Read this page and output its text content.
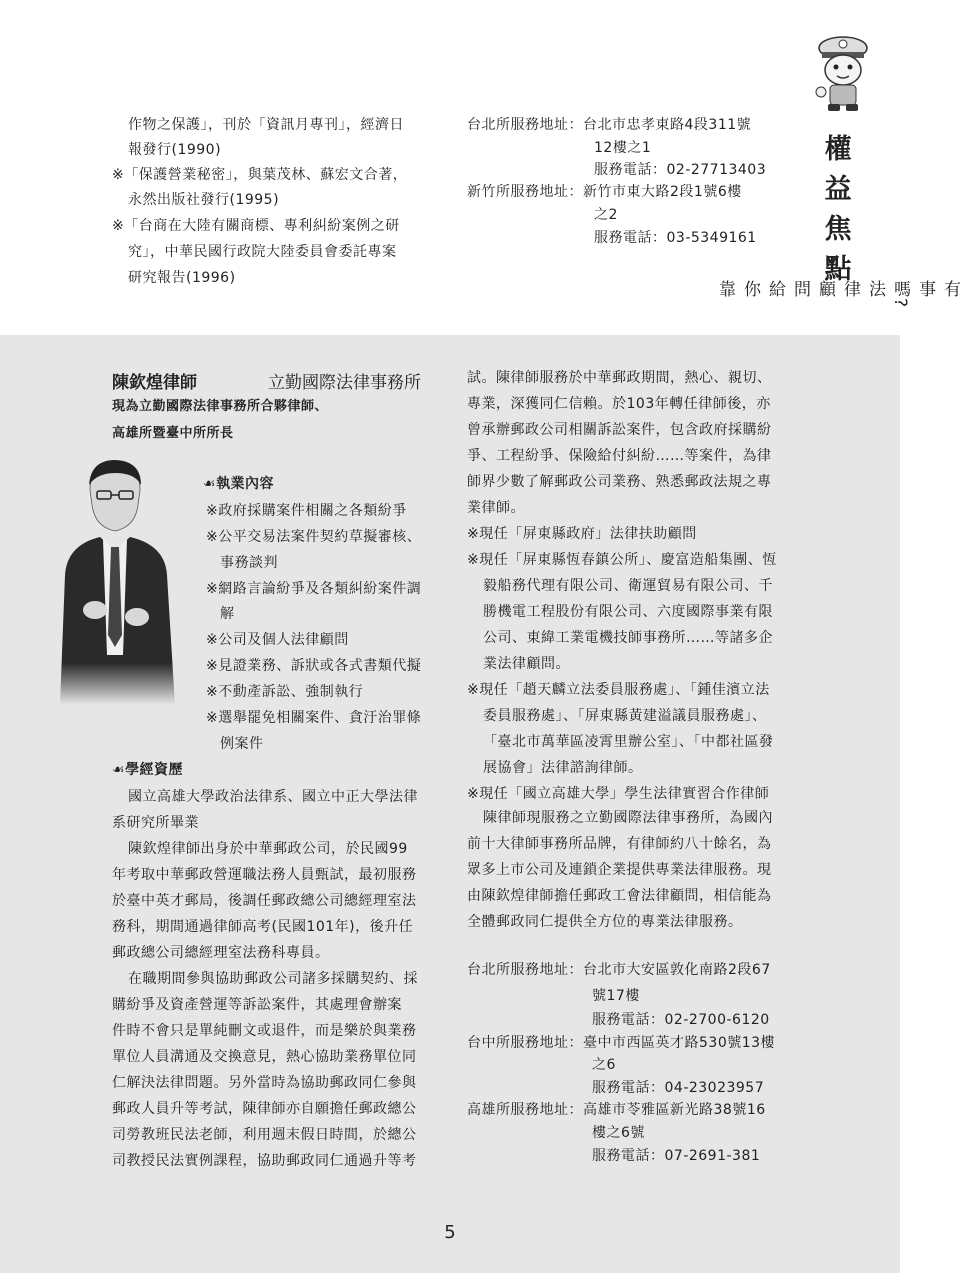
權
益
焦
點
有事嗎?法律顧問給你靠
作物之保護」，刊於「資訊月專刊」，經濟日
報發行(1990)
※「保護營業秘密」，與葉茂林、蘇宏文合著，
永然出版社發行(1995)
※「台商在大陸有關商標、專利糾紛案例之研
究」，中華民國行政院大陸委員會委託專案
研究報告(1996)
台北所服務地址：台北市忠孝東路4段311號
12樓之1
服務電話：02-27713403
新竹所服務地址：新竹市東大路2段1號6樓
之2
服務電話：03-5349161
陳欽煌律師	立勤國際法律事務所
現為立勤國際法律事務所合夥律師、
高雄所暨臺中所所長
☙執業內容
※政府採購案件相關之各類紛爭
※公平交易法案件契約草擬審核、
事務談判
※網路言論紛爭及各類糾紛案件調
解
※公司及個人法律顧問
※見證業務、訴狀或各式書類代擬
※不動產訴訟、強制執行
※選舉罷免相關案件、貪汙治罪條
例案件
☙學經資歷
國立高雄大學政治法律系、國立中正大學法律
系研究所畢業
陳欽煌律師出身於中華郵政公司，於民國99
年考取中華郵政營運職法務人員甄試，最初服務
於臺中英才郵局，後調任郵政總公司總經理室法
務科，期間通過律師高考(民國101年)，後升任
郵政總公司總經理室法務科專員。
在職期間參與協助郵政公司諸多採購契約、採
購紛爭及資產營運等訴訟案件，其處理會辦案
件時不會只是單純刪文或退件，而是樂於與業務
單位人員溝通及交換意見，熱心協助業務單位同
仁解決法律問題。另外當時為協助郵政同仁參與
郵政人員升等考試，陳律師亦自願擔任郵政總公
司勞教班民法老師，利用週末假日時間，於總公
司教授民法實例課程，協助郵政同仁通過升等考
試。陳律師服務於中華郵政期間，熱心、親切、
專業，深獲同仁信賴。於103年轉任律師後，亦
曾承辦郵政公司相關訴訟案件，包含政府採購紛
爭、工程紛爭、保險給付糾紛……等案件，為律
師界少數了解郵政公司業務、熟悉郵政法規之專
業律師。
※現任「屏東縣政府」法律扶助顧問
※現任「屏東縣恆春鎮公所」、慶富造船集團、恆
毅船務代理有限公司、衛運貿易有限公司、千
勝機電工程股份有限公司、六度國際事業有限
公司、東緯工業電機技師事務所……等諸多企
業法律顧問。
※現任「趙天麟立法委員服務處」、「鍾佳濱立法
委員服務處」、「屏東縣黃建溢議員服務處」、
「臺北市萬華區凌霄里辦公室」、「中都社區發
展協會」法律諮詢律師。
※現任「國立高雄大學」學生法律實習合作律師
陳律師現服務之立勤國際法律事務所，為國內
前十大律師事務所品牌，有律師約八十餘名，為
眾多上市公司及連鎖企業提供專業法律服務。現
由陳欽煌律師擔任郵政工會法律顧問，相信能為
全體郵政同仁提供全方位的專業法律服務。
台北所服務地址：台北市大安區敦化南路2段67
號17樓
服務電話：02-2700-6120
台中所服務地址：臺中市西區英才路530號13樓
之6
服務電話：04-23023957
高雄所服務地址：高雄市苓雅區新光路38號16
樓之6號
服務電話：07-2691-381
5
